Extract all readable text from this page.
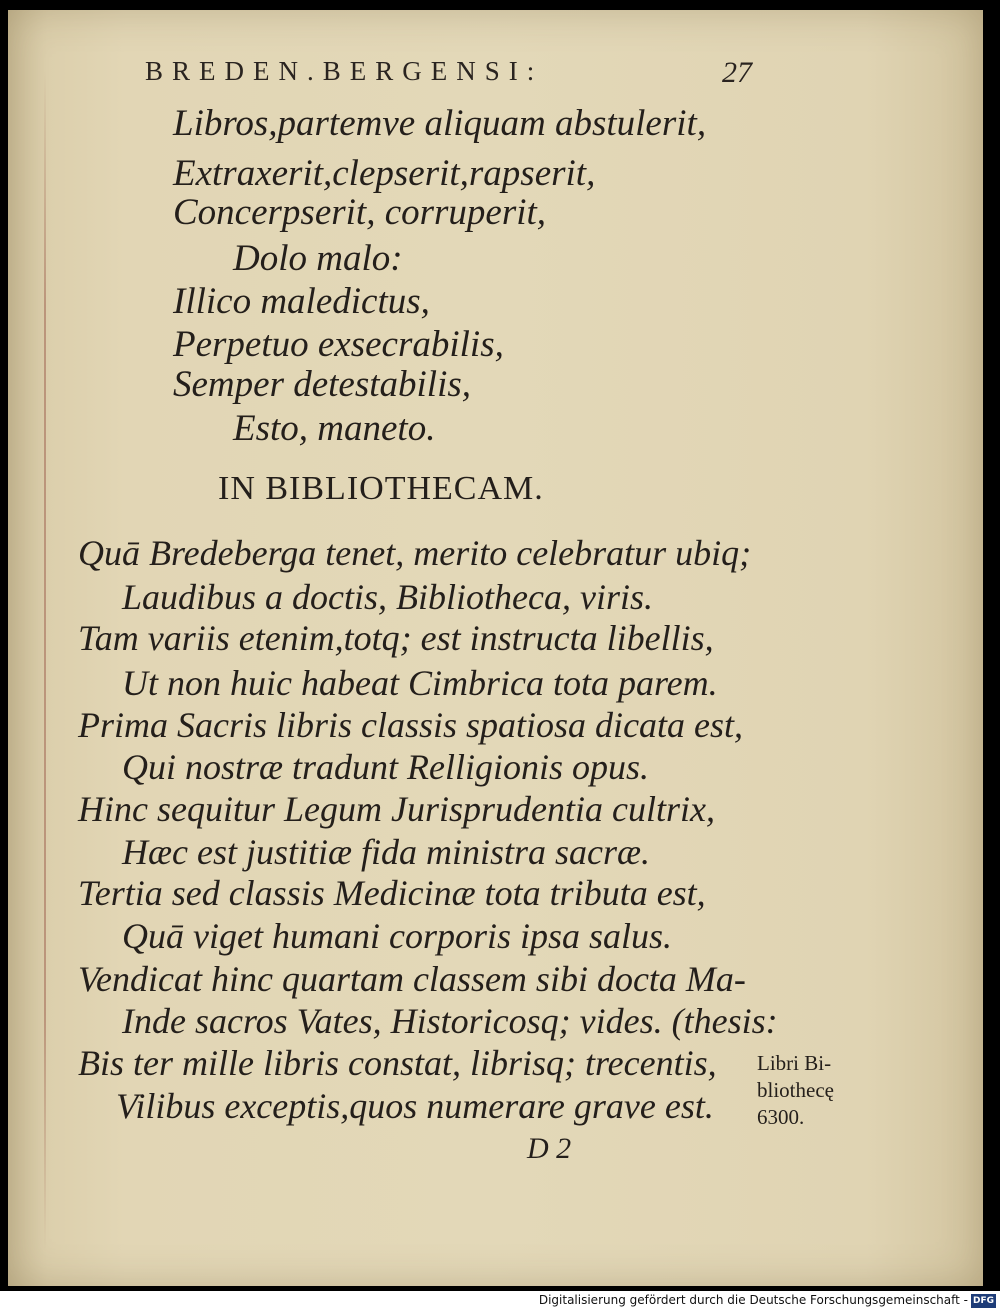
BREDEN.BERGENSI:	27
Libros,partemve aliquam abstulerit,
Extraxerit,clepserit,rapserit,
Concerpserit, corruperit,
Dolo malo:
Illico maledictus,
Perpetuo exsecrabilis,
Semper detestabilis,
Esto, maneto.
IN BIBLIOTHECAM.
Quā Bredeberga tenet, merito celebratur ubiq;
Laudibus a doctis, Bibliotheca, viris.
Tam variis etenim,totq; est instructa libellis,
Ut non huic habeat Cimbrica tota parem.
Prima Sacris libris classis spatiosa dicata est,
Qui nostræ tradunt Relligionis opus.
Hinc sequitur Legum Jurisprudentia cultrix,
Hæc est justitiæ fida ministra sacræ.
Tertia sed classis Medicinæ tota tributa est,
Quā viget humani corporis ipsa salus.
Vendicat hinc quartam classem sibi docta Ma-
Inde sacros Vates, Historicosq; vides. (thesis:
Bis ter mille libris constat, librisq; trecentis,
Vilibus exceptis,quos numerare grave est.
Libri Bi-
bliothecę
6300.
D 2
Digitalisierung gefördert durch die Deutsche Forschungsgemeinschaft - DFG
